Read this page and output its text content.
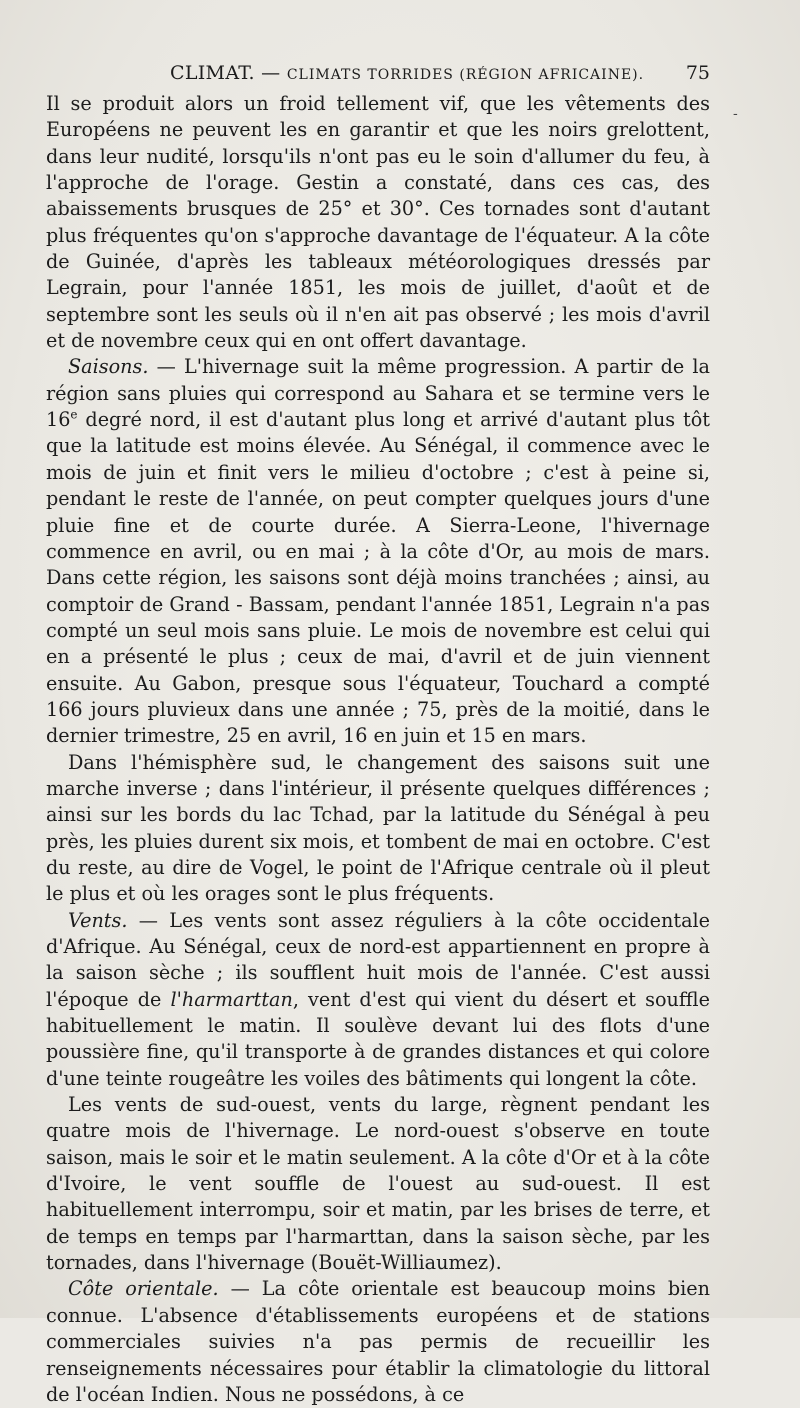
CLIMAT. — CLIMATS TORRIDES (RÉGION AFRICAINE). 75
-

Il se produit alors un froid tellement vif, que les vêtements des Européens ne peuvent les en garantir et que les noirs grelottent, dans leur nudité, lorsqu'ils n'ont pas eu le soin d'allumer du feu, à l'approche de l'orage. Gestin a constaté, dans ces cas, des abaissements brusques de 25° et 30°. Ces tornades sont d'autant plus fréquentes qu'on s'approche davantage de l'équateur. A la côte de Guinée, d'après les tableaux météorologiques dressés par Legrain, pour l'année 1851, les mois de juillet, d'août et de septembre sont les seuls où il n'en ait pas observé ; les mois d'avril et de novembre ceux qui en ont offert davantage.

Saisons. — L'hivernage suit la même progression. A partir de la région sans pluies qui correspond au Sahara et se termine vers le 16e degré nord, il est d'autant plus long et arrivé d'autant plus tôt que la latitude est moins élevée. Au Sénégal, il commence avec le mois de juin et finit vers le milieu d'octobre ; c'est à peine si, pendant le reste de l'année, on peut compter quelques jours d'une pluie fine et de courte durée. A Sierra-Leone, l'hivernage commence en avril, ou en mai ; à la côte d'Or, au mois de mars. Dans cette région, les saisons sont déjà moins tranchées ; ainsi, au comptoir de Grand - Bassam, pendant l'année 1851, Legrain n'a pas compté un seul mois sans pluie. Le mois de novembre est celui qui en a présenté le plus ; ceux de mai, d'avril et de juin viennent ensuite. Au Gabon, presque sous l'équateur, Touchard a compté 166 jours pluvieux dans une année ; 75, près de la moitié, dans le dernier trimestre, 25 en avril, 16 en juin et 15 en mars.

Dans l'hémisphère sud, le changement des saisons suit une marche inverse ; dans l'intérieur, il présente quelques différences ; ainsi sur les bords du lac Tchad, par la latitude du Sénégal à peu près, les pluies durent six mois, et tombent de mai en octobre. C'est du reste, au dire de Vogel, le point de l'Afrique centrale où il pleut le plus et où les orages sont le plus fréquents.

Vents. — Les vents sont assez réguliers à la côte occidentale d'Afrique. Au Sénégal, ceux de nord-est appartiennent en propre à la saison sèche ; ils soufflent huit mois de l'année. C'est aussi l'époque de l'harmarttan, vent d'est qui vient du désert et souffle habituellement le matin. Il soulève devant lui des flots d'une poussière fine, qu'il transporte à de grandes distances et qui colore d'une teinte rougeâtre les voiles des bâtiments qui longent la côte.

Les vents de sud-ouest, vents du large, règnent pendant les quatre mois de l'hivernage. Le nord-ouest s'observe en toute saison, mais le soir et le matin seulement. A la côte d'Or et à la côte d'Ivoire, le vent souffle de l'ouest au sud-ouest. Il est habituellement interrompu, soir et matin, par les brises de terre, et de temps en temps par l'harmarttan, dans la saison sèche, par les tornades, dans l'hivernage (Bouët-Williaumez).

Côte orientale. — La côte orientale est beaucoup moins bien connue. L'absence d'établissements européens et de stations commerciales suivies n'a pas permis de recueillir les renseignements nécessaires pour établir la climatologie du littoral de l'océan Indien. Nous ne possédons, à ce
